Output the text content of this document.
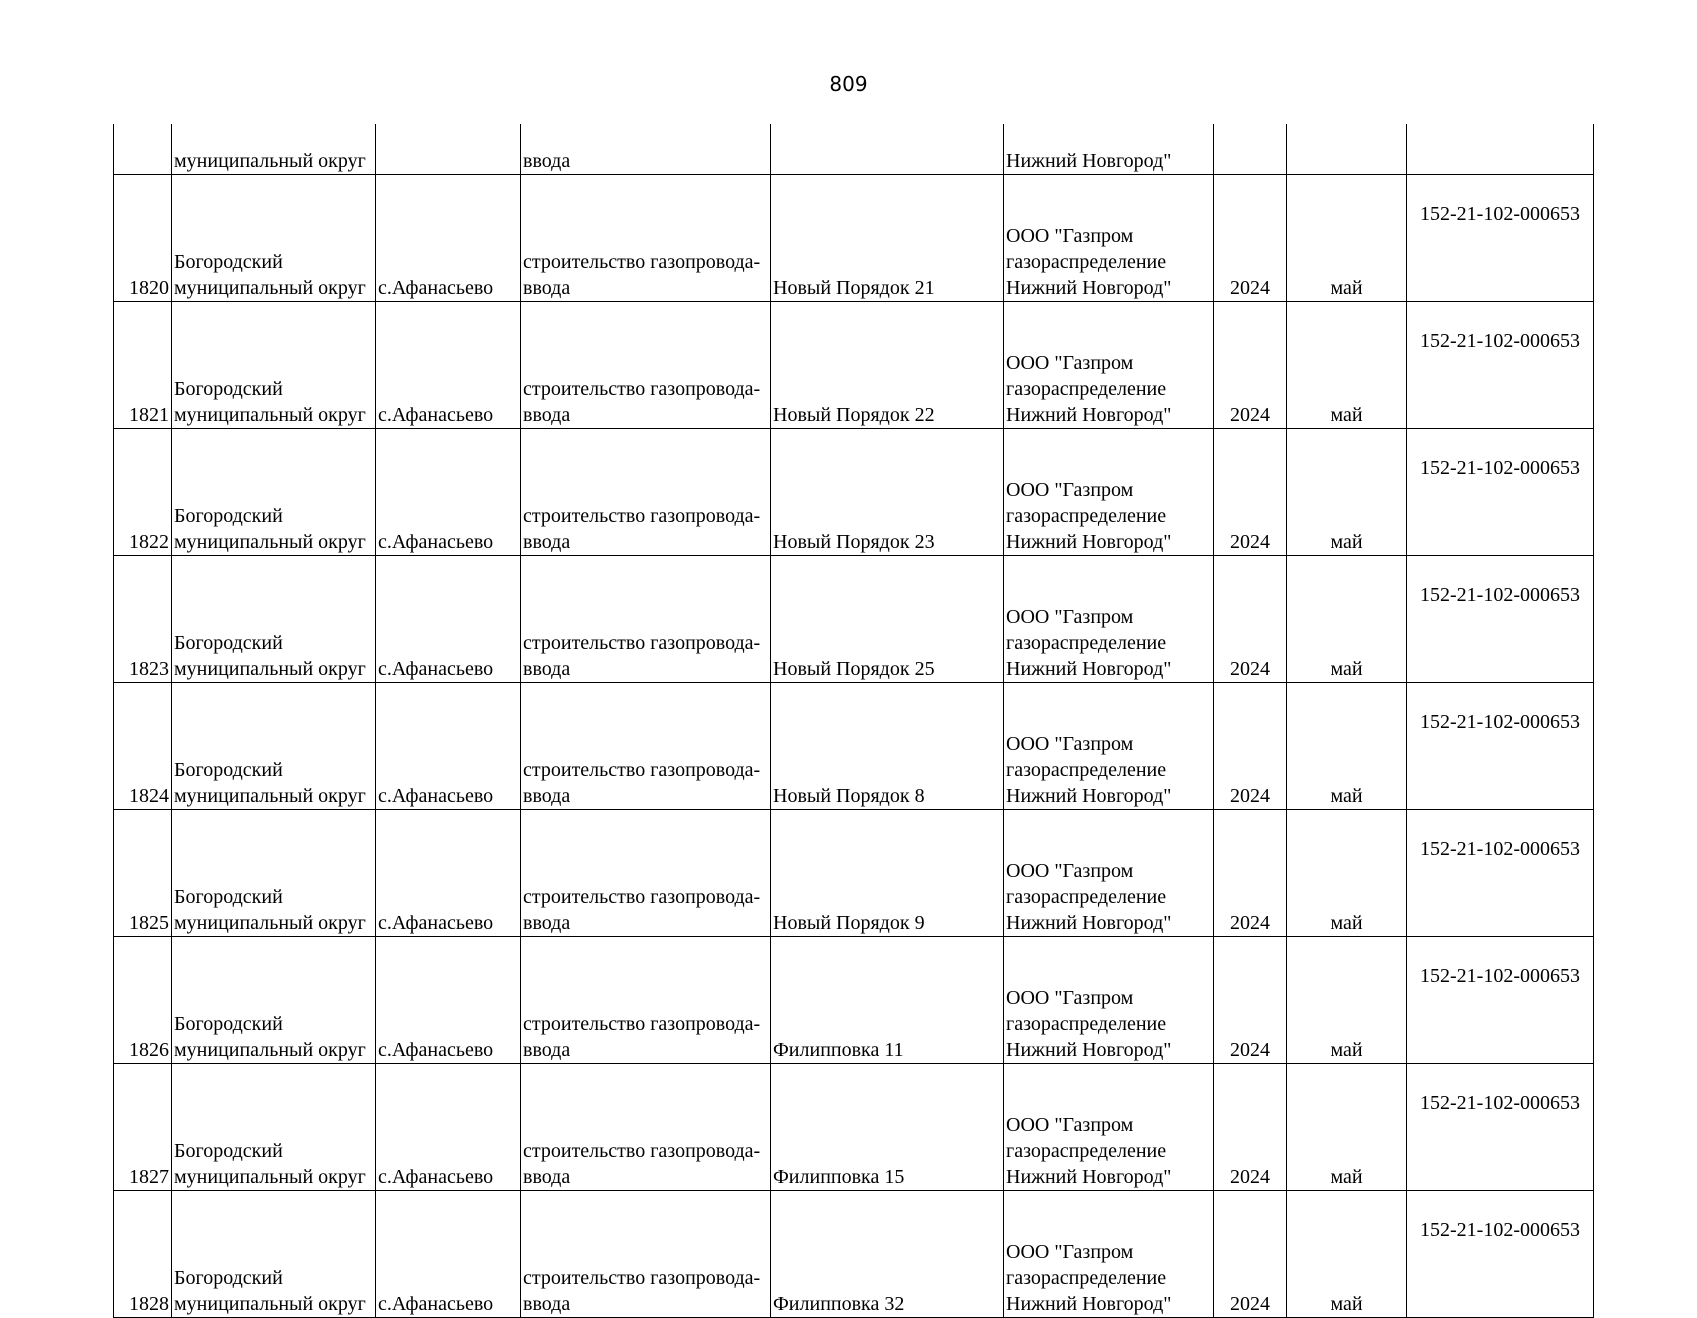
809
	муниципальный округ		ввода		Нижний Новгород"			
1820	Богородский
муниципальный округ	с.Афанасьево	строительство газопровода-
ввода	Новый Порядок 21	ООО "Газпром
газораспределение
Нижний Новгород"	2024	май	152-21-102-000653
1821	Богородский
муниципальный округ	с.Афанасьево	строительство газопровода-
ввода	Новый Порядок 22	ООО "Газпром
газораспределение
Нижний Новгород"	2024	май	152-21-102-000653
1822	Богородский
муниципальный округ	с.Афанасьево	строительство газопровода-
ввода	Новый Порядок 23	ООО "Газпром
газораспределение
Нижний Новгород"	2024	май	152-21-102-000653
1823	Богородский
муниципальный округ	с.Афанасьево	строительство газопровода-
ввода	Новый Порядок 25	ООО "Газпром
газораспределение
Нижний Новгород"	2024	май	152-21-102-000653
1824	Богородский
муниципальный округ	с.Афанасьево	строительство газопровода-
ввода	Новый Порядок 8	ООО "Газпром
газораспределение
Нижний Новгород"	2024	май	152-21-102-000653
1825	Богородский
муниципальный округ	с.Афанасьево	строительство газопровода-
ввода	Новый Порядок 9	ООО "Газпром
газораспределение
Нижний Новгород"	2024	май	152-21-102-000653
1826	Богородский
муниципальный округ	с.Афанасьево	строительство газопровода-
ввода	Филипповка 11	ООО "Газпром
газораспределение
Нижний Новгород"	2024	май	152-21-102-000653
1827	Богородский
муниципальный округ	с.Афанасьево	строительство газопровода-
ввода	Филипповка 15	ООО "Газпром
газораспределение
Нижний Новгород"	2024	май	152-21-102-000653
1828	Богородский
муниципальный округ	с.Афанасьево	строительство газопровода-
ввода	Филипповка 32	ООО "Газпром
газораспределение
Нижний Новгород"	2024	май	152-21-102-000653
